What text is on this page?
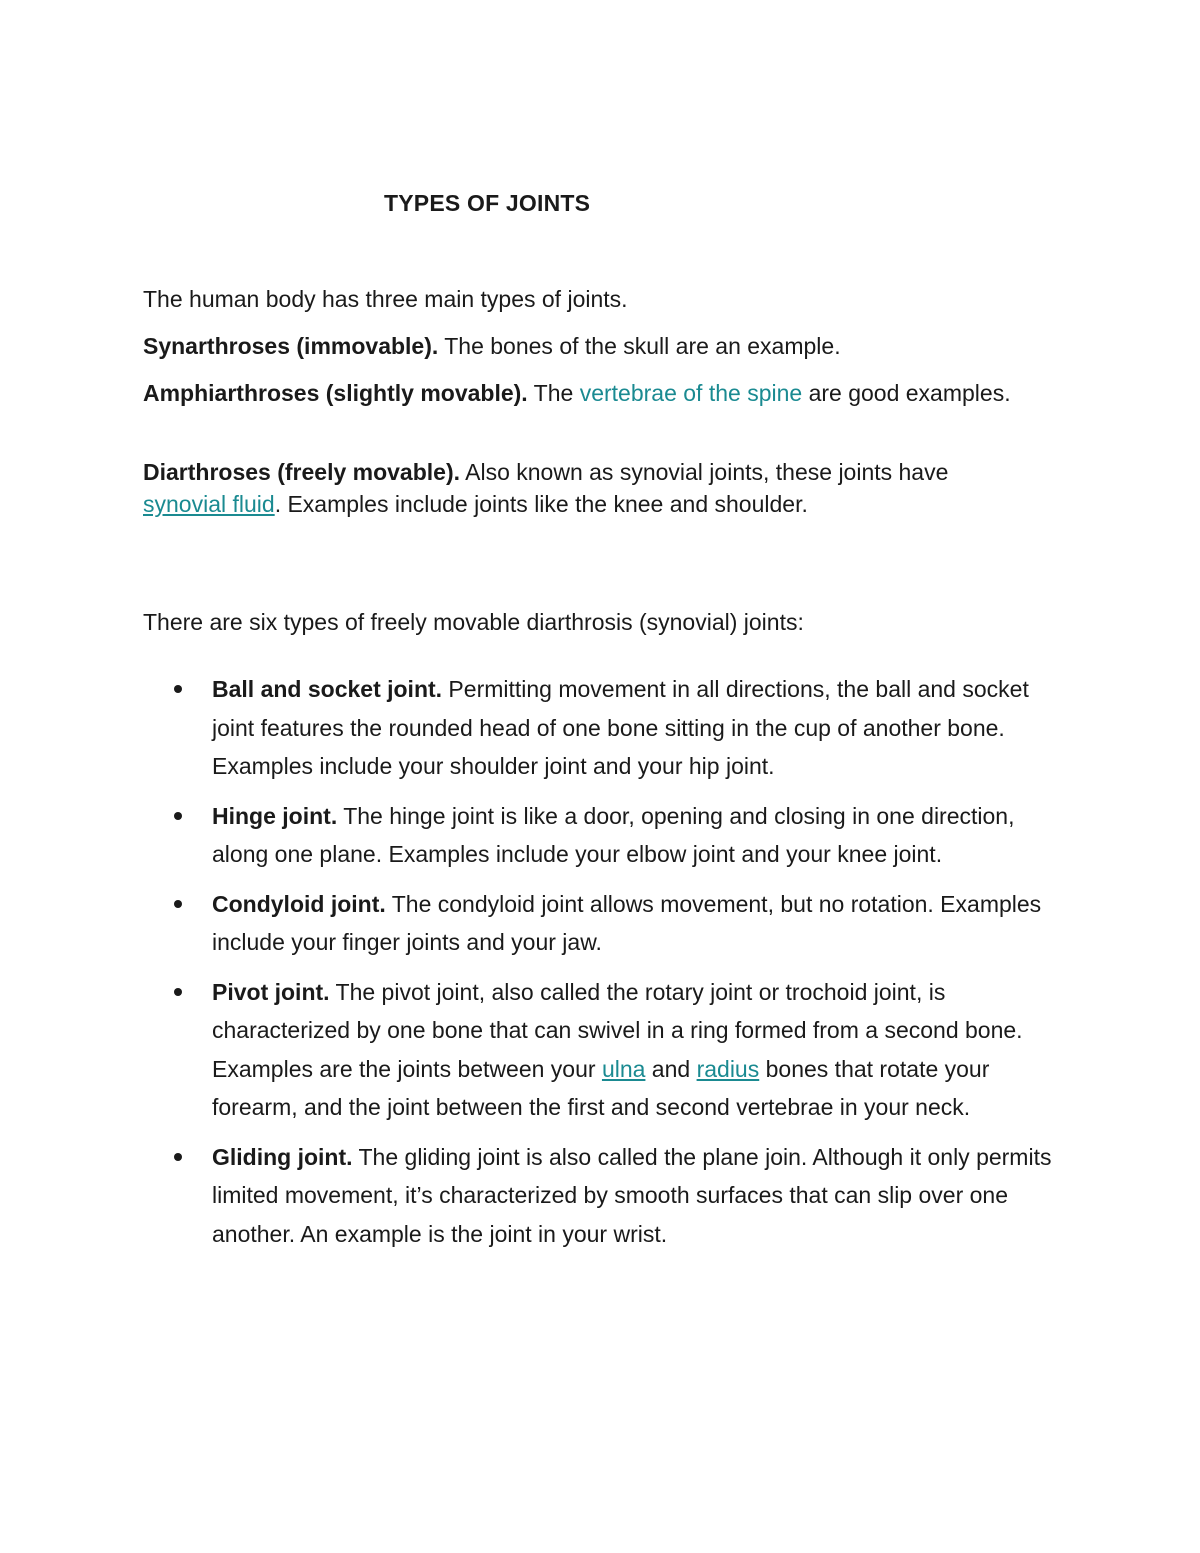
TYPES OF JOINTS

The human body has three main types of joints.

Synarthroses (immovable). The bones of the skull are an example.

Amphiarthroses (slightly movable). The vertebrae of the spine are good examples.

Diarthroses (freely movable). Also known as synovial joints, these joints have synovial fluid. Examples include joints like the knee and shoulder.

There are six types of freely movable diarthrosis (synovial) joints:

Ball and socket joint. Permitting movement in all directions, the ball and socket joint features the rounded head of one bone sitting in the cup of another bone. Examples include your shoulder joint and your hip joint.
Hinge joint. The hinge joint is like a door, opening and closing in one direction, along one plane. Examples include your elbow joint and your knee joint.
Condyloid joint. The condyloid joint allows movement, but no rotation. Examples include your finger joints and your jaw.
Pivot joint. The pivot joint, also called the rotary joint or trochoid joint, is characterized by one bone that can swivel in a ring formed from a second bone. Examples are the joints between your ulna and radius bones that rotate your forearm, and the joint between the first and second vertebrae in your neck.
Gliding joint. The gliding joint is also called the plane join. Although it only permits limited movement, it’s characterized by smooth surfaces that can slip over one another. An example is the joint in your wrist.
